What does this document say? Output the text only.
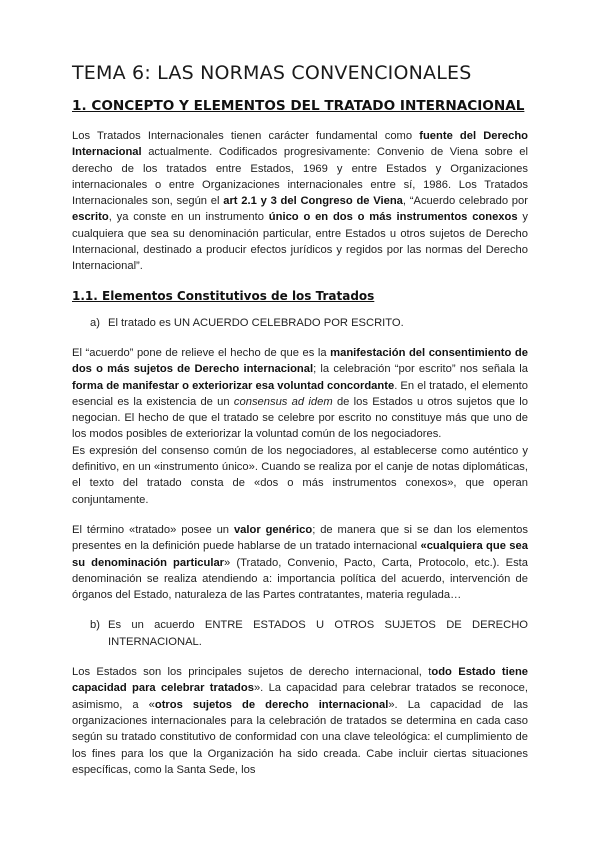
TEMA 6: LAS NORMAS CONVENCIONALES
1. CONCEPTO Y ELEMENTOS DEL TRATADO INTERNACIONAL

Los Tratados Internacionales tienen carácter fundamental como fuente del Derecho Internacional actualmente. Codificados progresivamente: Convenio de Viena sobre el derecho de los tratados entre Estados, 1969 y entre Estados y Organizaciones internacionales o entre Organizaciones internacionales entre sí, 1986. Los Tratados Internacionales son, según el art 2.1 y 3 del Congreso de Viena, “Acuerdo celebrado por escrito, ya conste en un instrumento único o en dos o más instrumentos conexos y cualquiera que sea su denominación particular, entre Estados u otros sujetos de Derecho Internacional, destinado a producir efectos jurídicos y regidos por las normas del Derecho Internacional”.

1.1. Elementos Constitutivos de los Tratados
a) El tratado es UN ACUERDO CELEBRADO POR ESCRITO.

El “acuerdo” pone de relieve el hecho de que es la manifestación del consentimiento de dos o más sujetos de Derecho internacional; la celebración “por escrito” nos señala la forma de manifestar o exteriorizar esa voluntad concordante. En el tratado, el elemento esencial es la existencia de un consensus ad idem de los Estados u otros sujetos que lo negocian. El hecho de que el tratado se celebre por escrito no constituye más que uno de los modos posibles de exteriorizar la voluntad común de los negociadores.

Es expresión del consenso común de los negociadores, al establecerse como auténtico y definitivo, en un «instrumento único». Cuando se realiza por el canje de notas diplomáticas, el texto del tratado consta de «dos o más instrumentos conexos», que operan conjuntamente.

El término «tratado» posee un valor genérico; de manera que si se dan los elementos presentes en la definición puede hablarse de un tratado internacional «cualquiera que sea su denominación particular» (Tratado, Convenio, Pacto, Carta, Protocolo, etc.). Esta denominación se realiza atendiendo a: importancia política del acuerdo, intervención de órganos del Estado, naturaleza de las Partes contratantes, materia regulada…

b) Es un acuerdo ENTRE ESTADOS U OTROS SUJETOS DE DERECHO INTERNACIONAL.

Los Estados son los principales sujetos de derecho internacional, todo Estado tiene capacidad para celebrar tratados». La capacidad para celebrar tratados se reconoce, asimismo, a «otros sujetos de derecho internacional». La capacidad de las organizaciones internacionales para la celebración de tratados se determina en cada caso según su tratado constitutivo de conformidad con una clave teleológica: el cumplimiento de los fines para los que la Organización ha sido creada. Cabe incluir ciertas situaciones específicas, como la Santa Sede, los
